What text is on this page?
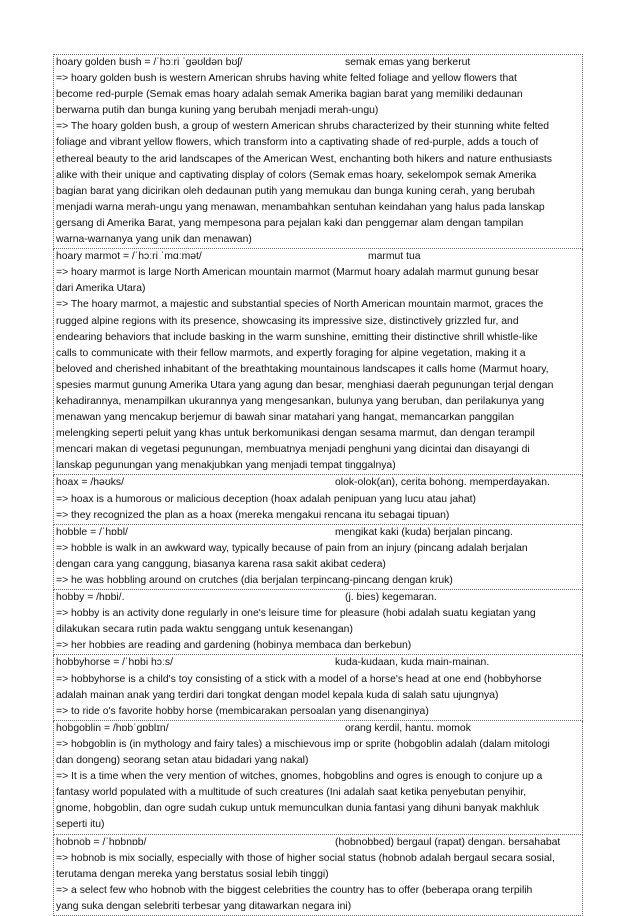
hoary golden bush = /ˈhɔːri ˈɡəʊldən bʊʃ/	semak emas yang berkerut
=> hoary golden bush is western American shrubs having white felted foliage and yellow flowers that
become red-purple (Semak emas hoary adalah semak Amerika bagian barat yang memiliki dedaunan
berwarna putih dan bunga kuning yang berubah menjadi merah-ungu)
=> The hoary golden bush, a group of western American shrubs characterized by their stunning white felted
foliage and vibrant yellow flowers, which transform into a captivating shade of red-purple, adds a touch of
ethereal beauty to the arid landscapes of the American West, enchanting both hikers and nature enthusiasts
alike with their unique and captivating display of colors (Semak emas hoary, sekelompok semak Amerika
bagian barat yang dicirikan oleh dedaunan putih yang memukau dan bunga kuning cerah, yang berubah
menjadi warna merah-ungu yang menawan, menambahkan sentuhan keindahan yang halus pada lanskap
gersang di Amerika Barat, yang mempesona para pejalan kaki dan penggemar alam dengan tampilan
warna-warnanya yang unik dan menawan)
hoary marmot = /ˈhɔːri ˈmɑːmət/	marmut tua
=> hoary marmot is large North American mountain marmot (Marmut hoary adalah marmut gunung besar
dari Amerika Utara)
=> The hoary marmot, a majestic and substantial species of North American mountain marmot, graces the
rugged alpine regions with its presence, showcasing its impressive size, distinctively grizzled fur, and
endearing behaviors that include basking in the warm sunshine, emitting their distinctive shrill whistle-like
calls to communicate with their fellow marmots, and expertly foraging for alpine vegetation, making it a
beloved and cherished inhabitant of the breathtaking mountainous landscapes it calls home (Marmut hoary,
spesies marmut gunung Amerika Utara yang agung dan besar, menghiasi daerah pegunungan terjal dengan
kehadirannya, menampilkan ukurannya yang mengesankan, bulunya yang beruban, dan perilakunya yang
menawan yang mencakup berjemur di bawah sinar matahari yang hangat, memancarkan panggilan
melengking seperti peluit yang khas untuk berkomunikasi dengan sesama marmut, dan dengan terampil
mencari makan di vegetasi pegunungan, membuatnya menjadi penghuni yang dicintai dan disayangi di
lanskap pegunungan yang menakjubkan yang menjadi tempat tinggalnya)
hoax = /həʊks/	olok-olok(an), cerita bohong. memperdayakan.
=> hoax is a humorous or malicious deception (hoax adalah penipuan yang lucu atau jahat)
=> they recognized the plan as a hoax (mereka mengakui rencana itu sebagai tipuan)
hobble = /ˈhɒbl/	mengikat kaki (kuda) berjalan pincang.
=> hobble is walk in an awkward way, typically because of pain from an injury (pincang adalah berjalan
dengan cara yang canggung, biasanya karena rasa sakit akibat cedera)
=> he was hobbling around on crutches (dia berjalan terpincang-pincang dengan kruk)
hobby = /hɒbi/.	(j. bies) kegemaran.
=> hobby is an activity done regularly in one's leisure time for pleasure (hobi adalah suatu kegiatan yang
dilakukan secara rutin pada waktu senggang untuk kesenangan)
=> her hobbies are reading and gardening (hobinya membaca dan berkebun)
hobbyhorse = /ˈhɒbi hɔːs/	kuda-kudaan, kuda main-mainan.
=> hobbyhorse is a child's toy consisting of a stick with a model of a horse's head at one end (hobbyhorse
adalah mainan anak yang terdiri dari tongkat dengan model kepala kuda di salah satu ujungnya)
=> to ride o's favorite hobby horse (membicarakan persoalan yang disenanginya)
hobgoblin = /hɒbˈɡɒblɪn/	orang kerdil, hantu. momok
=> hobgoblin is (in mythology and fairy tales) a mischievous imp or sprite (hobgoblin adalah (dalam mitologi
dan dongeng) seorang setan atau bidadari yang nakal)
=> It is a time when the very mention of witches, gnomes, hobgoblins and ogres is enough to conjure up a
fantasy world populated with a multitude of such creatures (Ini adalah saat ketika penyebutan penyihir,
gnome, hobgoblin, dan ogre sudah cukup untuk memunculkan dunia fantasi yang dihuni banyak makhluk
seperti itu)
hobnob = /ˈhɒbnɒb/	(hobnobbed) bergaul (rapat) dengan. bersahabat
=> hobnob is mix socially, especially with those of higher social status (hobnob adalah bergaul secara sosial,
terutama dengan mereka yang berstatus sosial lebih tinggi)
=> a select few who hobnob with the biggest celebrities the country has to offer (beberapa orang terpilih
yang suka dengan selebriti terbesar yang ditawarkan negara ini)
